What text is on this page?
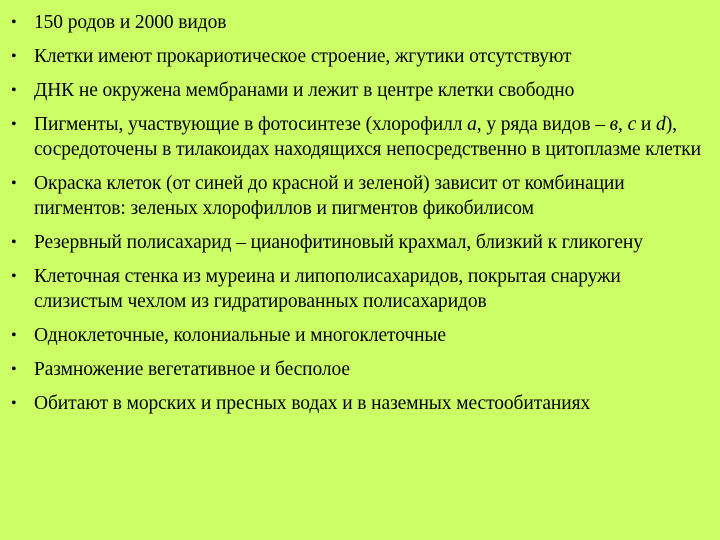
• 150 родов и 2000 видов
• Клетки имеют прокариотическое строение, жгутики отсутствуют
• ДНК не окружена мембранами и лежит в центре клетки свободно
• Пигменты, участвующие в фотосинтезе (хлорофилл a, у ряда видов – в, с и d), сосредоточены в тилакоидах находящихся непосредственно в цитоплазме клетки
• Окраска клеток (от синей до красной и зеленой) зависит от комбинации пигментов: зеленых хлорофиллов и пигментов фикобилисом
• Резервный полисахарид – цианофитиновый крахмал, близкий к гликогену
• Клеточная стенка из муреина и липополисахаридов, покрытая снаружи слизистым чехлом из гидратированных полисахаридов
• Одноклеточные, колониальные и многоклеточные
• Размножение вегетативное и бесполое
• Обитают в морских и пресных водах и в наземных местообитаниях
